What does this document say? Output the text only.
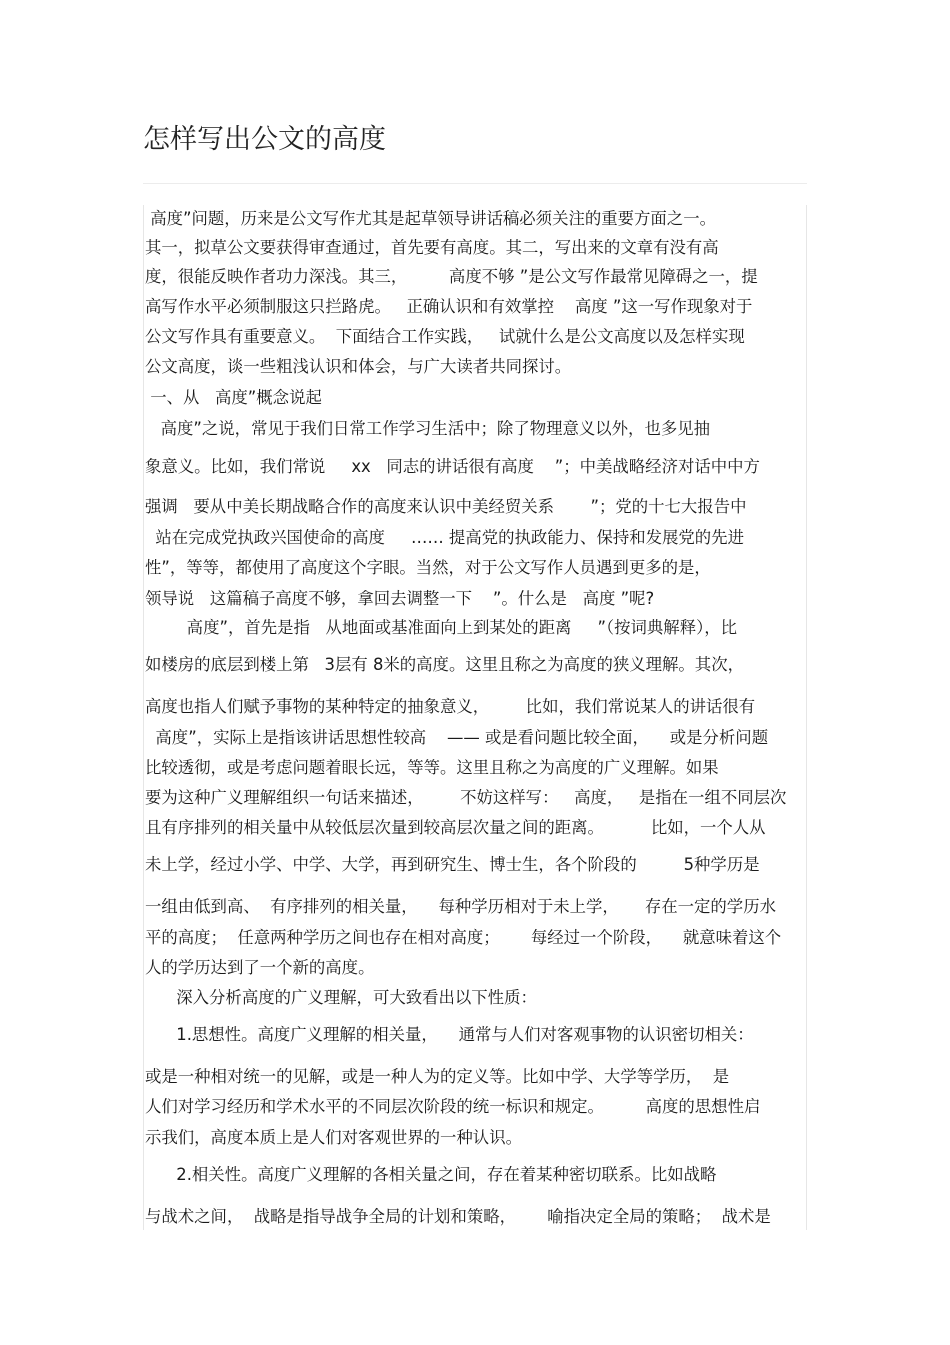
怎样写出公文的高度
高度”问题，历来是公文写作尤其是起草领导讲话稿必须关注的重要方面之一。
其一，拟草公文要获得审查通过，首先要有高度。其二，写出来的文章有没有高
度，很能反映作者功力深浅。其三，        高度不够 ”是公文写作最常见障碍之一，提
高写作水平必须制服这只拦路虎。   正确认识和有效掌控    高度 ”这一写作现象对于
公文写作具有重要意义。  下面结合工作实践，   试就什么是公文高度以及怎样实现
公文高度，谈一些粗浅认识和体会，与广大读者共同探讨。
一、从   高度”概念说起
高度”之说，常见于我们日常工作学习生活中；除了物理意义以外，也多见抽
象意义。比如，我们常说     xx   同志的讲话很有高度    ”；中美战略经济对话中中方
强调   要从中美长期战略合作的高度来认识中美经贸关系       ”；党的十七大报告中
站在完成党执政兴国使命的高度     …… 提高党的执政能力、保持和发展党的先进
性”，等等，都使用了高度这个字眼。当然，对于公文写作人员遇到更多的是，
领导说   这篇稿子高度不够，拿回去调整一下    ”。什么是   高度 ”呢?
高度”，首先是指   从地面或基准面向上到某处的距离     ”（按词典解释），比
如楼房的底层到楼上第   3层有 8米的高度。这里且称之为高度的狭义理解。其次，
高度也指人们赋予事物的某种特定的抽象意义，       比如，我们常说某人的讲话很有
高度”，实际上是指该讲话思想性较高    —— 或是看问题比较全面，    或是分析问题
比较透彻，或是考虑问题着眼长远，等等。这里且称之为高度的广义理解。如果
要为这种广义理解组织一句话来描述，       不妨这样写：   高度，   是指在一组不同层次
且有序排列的相关量中从较低层次量到较高层次量之间的距离。         比如，一个人从
未上学，经过小学、中学、大学，再到研究生、博士生，各个阶段的         5种学历是
一组由低到高、  有序排列的相关量，    每种学历相对于未上学，     存在一定的学历水
平的高度；  任意两种学历之间也存在相对高度；      每经过一个阶段，    就意味着这个
人的学历达到了一个新的高度。
深入分析高度的广义理解，可大致看出以下性质：
1.思想性。高度广义理解的相关量，    通常与人们对客观事物的认识密切相关：
或是一种相对统一的见解，或是一种人为的定义等。比如中学、大学等学历，  是
人们对学习经历和学术水平的不同层次阶段的统一标识和规定。        高度的思想性启
示我们，高度本质上是人们对客观世界的一种认识。
2.相关性。高度广义理解的各相关量之间，存在着某种密切联系。比如战略
与战术之间，  战略是指导战争全局的计划和策略，      喻指决定全局的策略；  战术是
